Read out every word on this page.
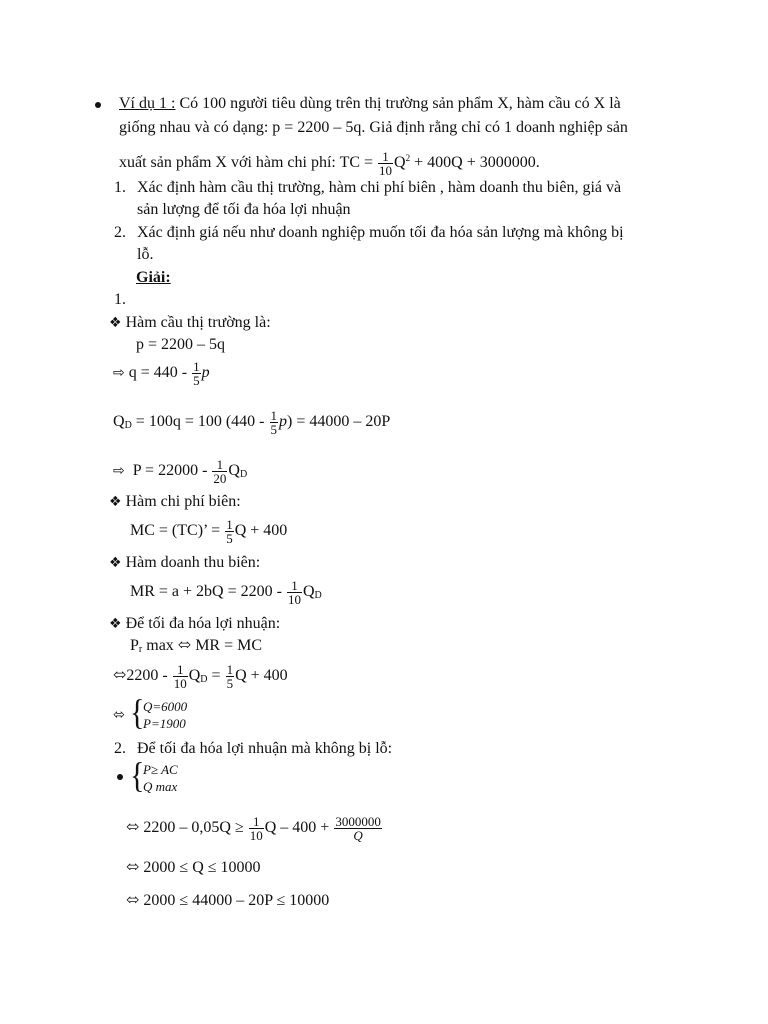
Ví dụ 1 : Có 100 người tiêu dùng trên thị trường sản phẩm X, hàm cầu có X là
giống nhau và có dạng: p = 2200 – 5q. Giả định rằng chỉ có 1 doanh nghiệp sản
xuất sản phẩm X với hàm chi phí: TC = $\frac{1}{10} Q^2 + 400Q + 3000000$.
1. Xác định hàm cầu thị trường, hàm chi phí biên , hàm doanh thu biên, giá và
sản lượng để tối đa hóa lợi nhuận
2. Xác định giá nếu như doanh nghiệp muốn tối đa hóa sản lượng mà không bị
lỗ.
Giải:
1.
❖ Hàm cầu thị trường là:
p = 2200 – 5q
⇨ $q = 440 - \frac{1}{5}$ p
$Q_D = 100q = 100$ $(440 - \frac{1}{5} p) = 44000 - 20P$
⇨ $P = 22000 - \frac{1}{20} Q_D$
❖ Hàm chi phí biên:
MC = (TC)’ = $\frac{1}{5}$ Q + 400
❖ Hàm doanh thu biên:
MR = $a + 2bQ = 2200 - \frac{1}{10} Q_D$
❖ Để tối đa hóa lợi nhuận:
$P_r$ max ⬄ MR = MC
⬄2200 - $\frac{1}{10} Q_D = \frac{1}{5}$ Q + 400
⬄ {
Q=6000
P=1900
2. Để tối đa hóa lợi nhuận mà không bị lỗ:
{
P≥ AC
Q max
⬄ $2200 - 0,05Q \ge \frac{1}{10}$ $Q - 400 + \frac{3000000}{Q}$
⬄ 2000 ≤ Q ≤ 10000
⬄ 2000 ≤ 44000 – 20P ≤ 10000
